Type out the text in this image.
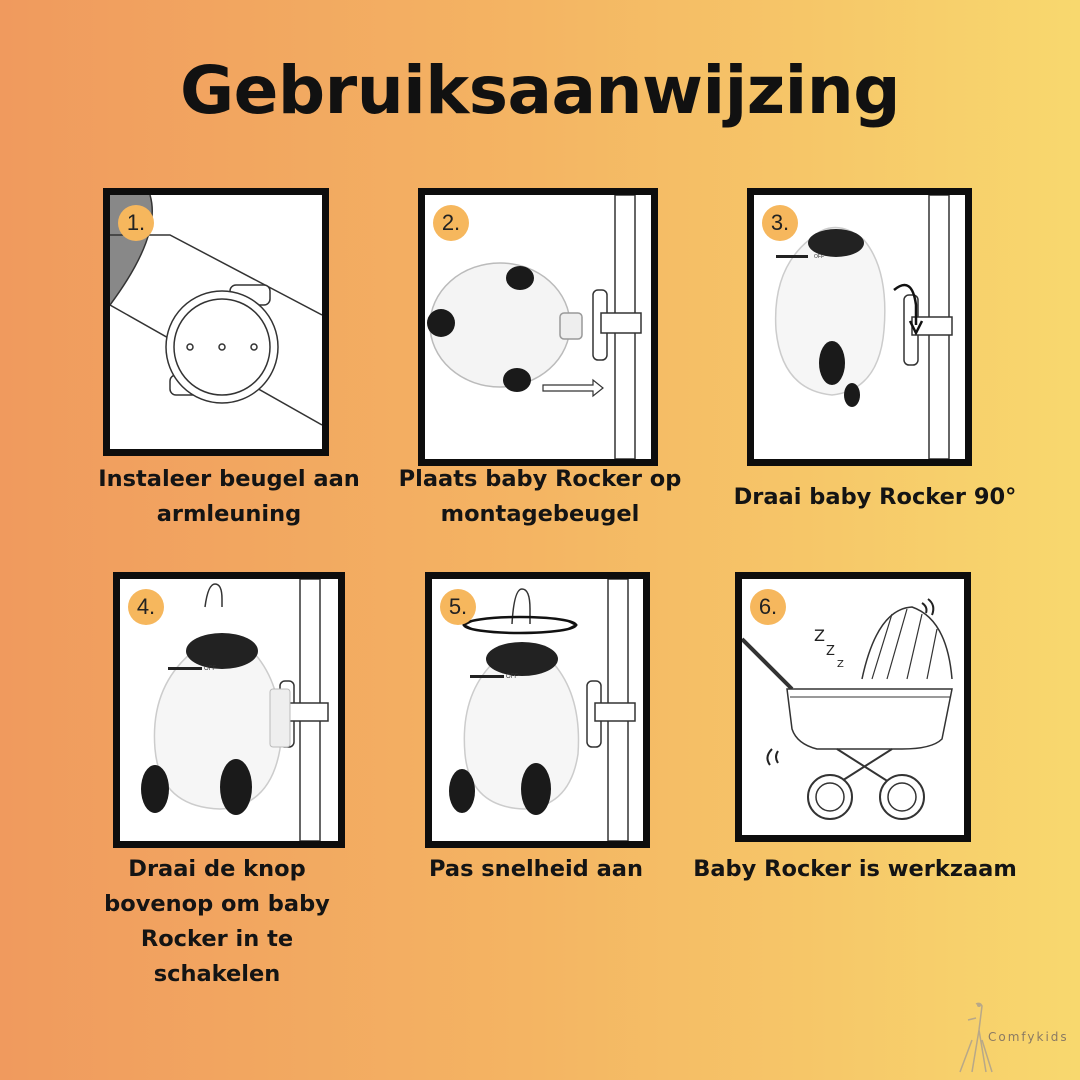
Gebruiksaanwijzing
1.
Instaleer beugel aan armleuning
2.
Plaats baby Rocker op montagebeugel
OFF
3.
Draai baby Rocker 90°
OFF
4.
Draai de knop bovenop om baby Rocker in te schakelen
OFF
5.
Pas snelheid aan
Z
Z
Z
6.
Baby Rocker is werkzaam
Comfykids
